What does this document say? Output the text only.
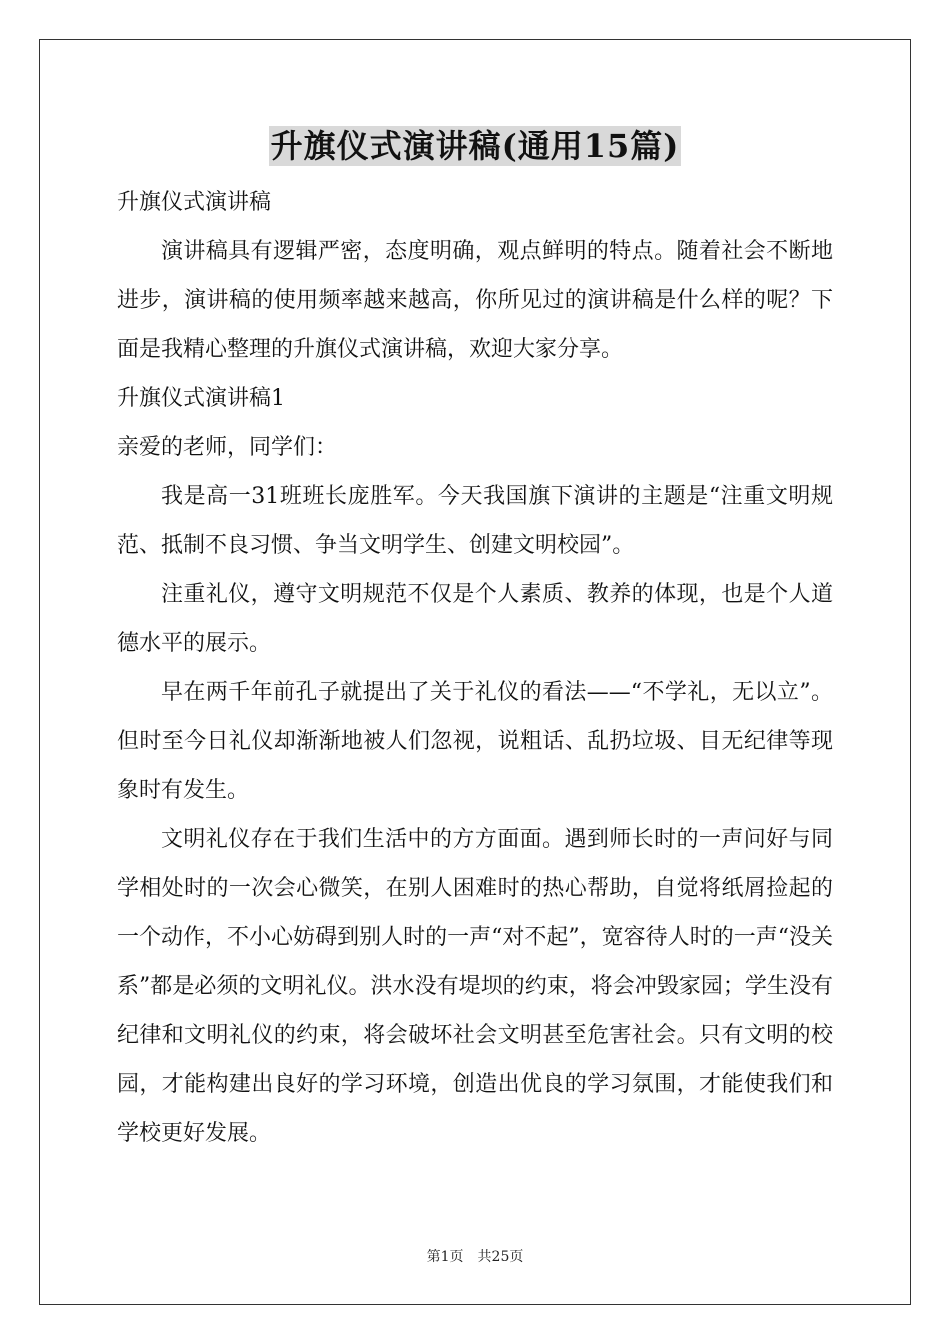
升旗仪式演讲稿(通用15篇)

升旗仪式演讲稿

演讲稿具有逻辑严密，态度明确，观点鲜明的特点。随着社会不断地进步，演讲稿的使用频率越来越高，你所见过的演讲稿是什么样的呢？下面是我精心整理的升旗仪式演讲稿，欢迎大家分享。

升旗仪式演讲稿1

亲爱的老师，同学们：

我是高一31班班长庞胜军。今天我国旗下演讲的主题是“注重文明规范、抵制不良习惯、争当文明学生、创建文明校园”。

注重礼仪，遵守文明规范不仅是个人素质、教养的体现，也是个人道德水平的展示。

早在两千年前孔子就提出了关于礼仪的看法——“不学礼，无以立”。但时至今日礼仪却渐渐地被人们忽视，说粗话、乱扔垃圾、目无纪律等现象时有发生。

文明礼仪存在于我们生活中的方方面面。遇到师长时的一声问好与同学相处时的一次会心微笑，在别人困难时的热心帮助，自觉将纸屑捡起的一个动作，不小心妨碍到别人时的一声“对不起”，宽容待人时的一声“没关系”都是必须的文明礼仪。洪水没有堤坝的约束，将会冲毁家园；学生没有纪律和文明礼仪的约束，将会破坏社会文明甚至危害社会。只有文明的校园，才能构建出良好的学习环境，创造出优良的学习氛围，才能使我们和学校更好发展。

第1页 共25页
